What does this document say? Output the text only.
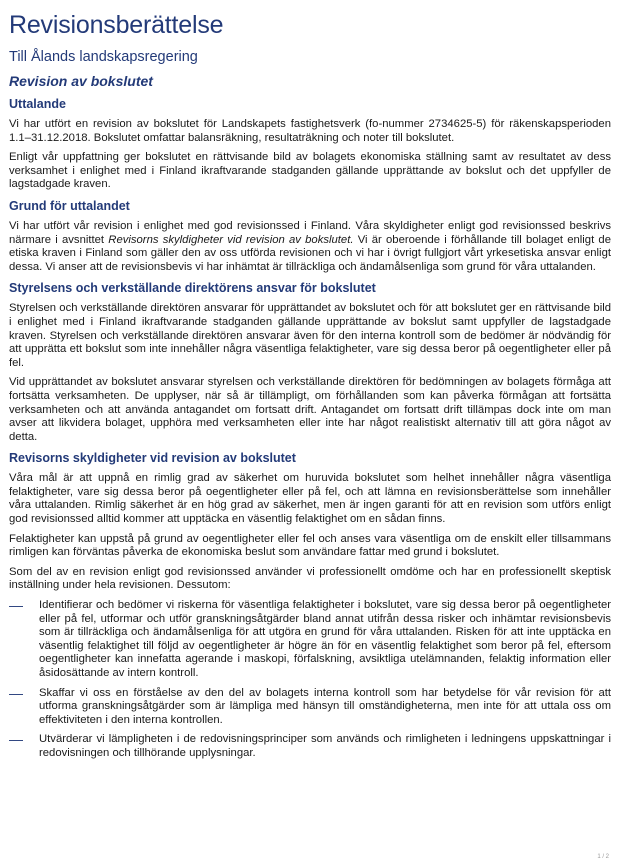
Revisionsberättelse
Till Ålands landskapsregering
Revision av bokslutet
Uttalande

Vi har utfört en revision av bokslutet för Landskapets fastighetsverk (fo-nummer 2734625-5) för räkenskapsperioden 1.1–31.12.2018. Bokslutet omfattar balansräkning, resultaträkning och noter till bokslutet.

Enligt vår uppfattning ger bokslutet en rättvisande bild av bolagets ekonomiska ställning samt av resultatet av dess verksamhet i enlighet med i Finland ikraftvarande stadganden gällande upprättande av bokslut och det uppfyller de lagstadgade kraven.

Grund för uttalandet

Vi har utfört vår revision i enlighet med god revisionssed i Finland. Våra skyldigheter enligt god revisionssed beskrivs närmare i avsnittet Revisorns skyldigheter vid revision av bokslutet. Vi är oberoende i förhållande till bolaget enligt de etiska kraven i Finland som gäller den av oss utförda revisionen och vi har i övrigt fullgjort vårt yrkesetiska ansvar enligt dessa. Vi anser att de revisionsbevis vi har inhämtat är tillräckliga och ändamålsenliga som grund för våra uttalanden.

Styrelsens och verkställande direktörens ansvar för bokslutet

Styrelsen och verkställande direktören ansvarar för upprättandet av bokslutet och för att bokslutet ger en rättvisande bild i enlighet med i Finland ikraftvarande stadganden gällande upprättande av bokslut samt uppfyller de lagstadgade kraven. Styrelsen och verkställande direktören ansvarar även för den interna kontroll som de bedömer är nödvändig för att upprätta ett bokslut som inte innehåller några väsentliga felaktigheter, vare sig dessa beror på oegentligheter eller på fel.

Vid upprättandet av bokslutet ansvarar styrelsen och verkställande direktören för bedömningen av bolagets förmåga att fortsätta verksamheten. De upplyser, när så är tillämpligt, om förhållanden som kan påverka förmågan att fortsätta verksamheten och att använda antagandet om fortsatt drift. Antagandet om fortsatt drift tillämpas dock inte om man avser att likvidera bolaget, upphöra med verksamheten eller inte har något realistiskt alternativ till att göra något av detta.

Revisorns skyldigheter vid revision av bokslutet

Våra mål är att uppnå en rimlig grad av säkerhet om huruvida bokslutet som helhet innehåller några väsentliga felaktigheter, vare sig dessa beror på oegentligheter eller på fel, och att lämna en revisionsberättelse som innehåller våra uttalanden. Rimlig säkerhet är en hög grad av säkerhet, men är ingen garanti för att en revision som utförs enligt god revisionssed alltid kommer att upptäcka en väsentlig felaktighet om en sådan finns.

Felaktigheter kan uppstå på grund av oegentligheter eller fel och anses vara väsentliga om de enskilt eller tillsammans rimligen kan förväntas påverka de ekonomiska beslut som användare fattar med grund i bokslutet.

Som del av en revision enligt god revisionssed använder vi professionellt omdöme och har en professionellt skeptisk inställning under hela revisionen. Dessutom:

— Identifierar och bedömer vi riskerna för väsentliga felaktigheter i bokslutet, vare sig dessa beror på oegentligheter eller på fel, utformar och utför granskningsåtgärder bland annat utifrån dessa risker och inhämtar revisionsbevis som är tillräckliga och ändamålsenliga för att utgöra en grund för våra uttalanden. Risken för att inte upptäcka en väsentlig felaktighet till följd av oegentligheter är högre än för en väsentlig felaktighet som beror på fel, eftersom oegentligheter kan innefatta agerande i maskopi, förfalskning, avsiktliga utelämnanden, felaktig information eller åsidosättande av intern kontroll.
— Skaffar vi oss en förståelse av den del av bolagets interna kontroll som har betydelse för vår revision för att utforma granskningsåtgärder som är lämpliga med hänsyn till omständigheterna, men inte för att uttala oss om effektiviteten i den interna kontrollen.
— Utvärderar vi lämpligheten i de redovisningsprinciper som används och rimligheten i ledningens uppskattningar i redovisningen och tillhörande upplysningar.
1 / 2
